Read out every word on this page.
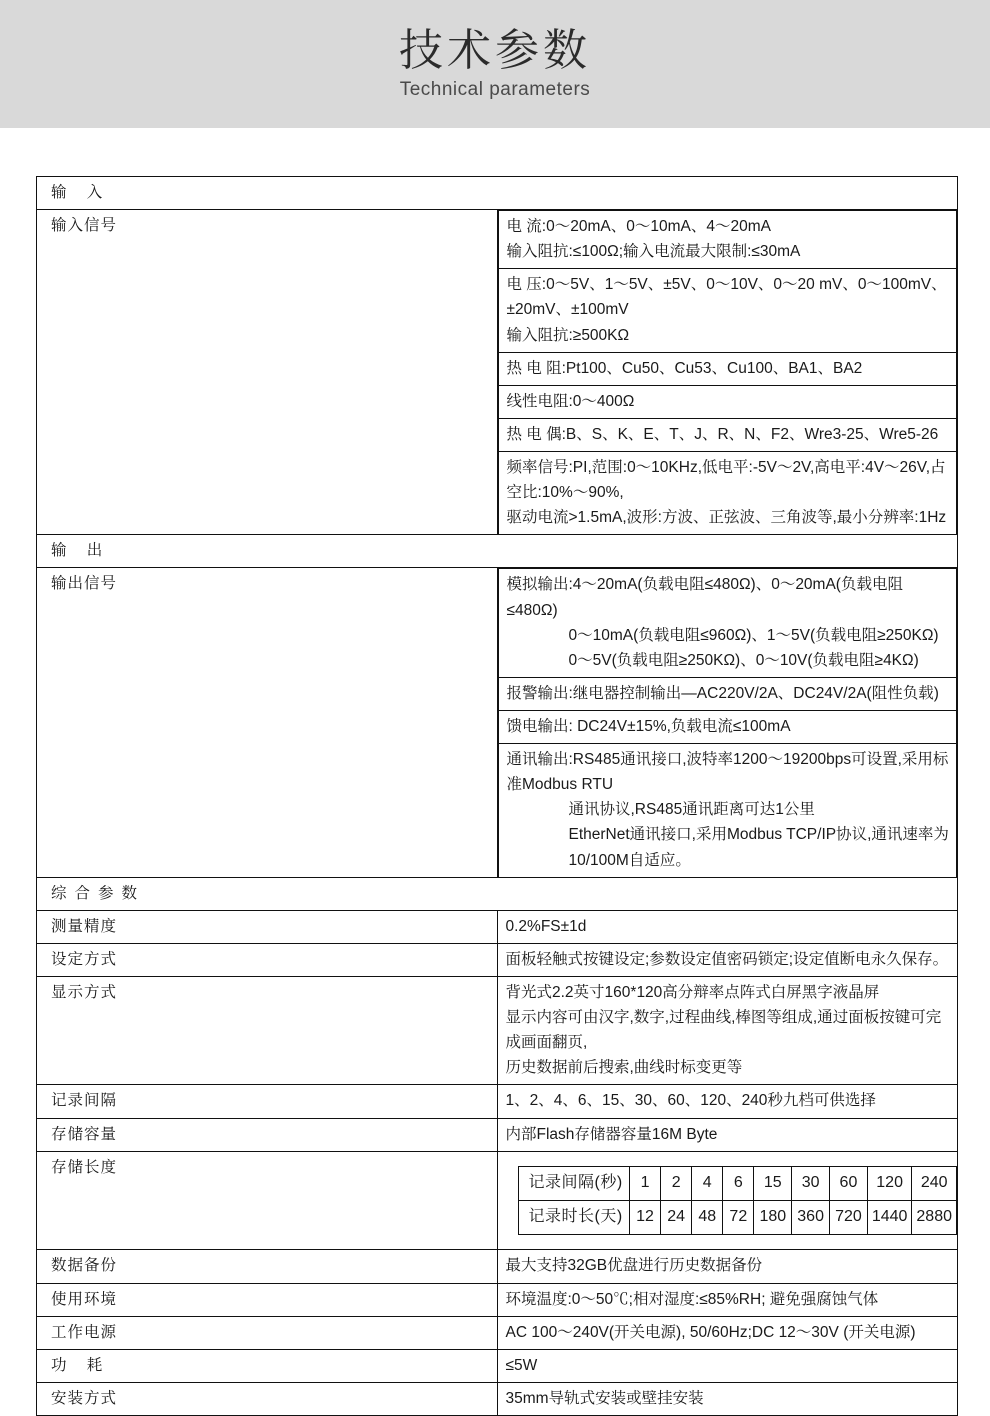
技术参数
Technical parameters
输 入
输入信号		电 流:0～20mA、0～10mA、4～20mA
输入阻抗:≤100Ω;输入电流最大限制:≤30mA

电 压:0～5V、1～5V、±5V、0～10V、0～20 mV、0～100mV、±20mV、±100mV
输入阻抗:≥500KΩ

热 电 阻:Pt100、Cu50、Cu53、Cu100、BA1、BA2

线性电阻:0～400Ω

热 电 偶:B、S、K、E、T、J、R、N、F2、Wre3-25、Wre5-26

频率信号:PI,范围:0～10KHz,低电平:-5V～2V,高电平:4V～26V,占空比:10%～90%,
驱动电流>1.5mA,波形:方波、正弦波、三角波等,最小分辨率:1Hz

输 出
输出信号		模拟输出:4～20mA(负载电阻≤480Ω)、0～20mA(负载电阻≤480Ω)
0～10mA(负载电阻≤960Ω)、1～5V(负载电阻≥250KΩ)
0～5V(负载电阻≥250KΩ)、0～10V(负载电阻≥4KΩ)

报警输出:继电器控制输出—AC220V/2A、DC24V/2A(阻性负载)

馈电输出: DC24V±15%,负载电流≤100mA

通讯输出:RS485通讯接口,波特率1200～19200bps可设置,采用标准Modbus RTU
通讯协议,RS485通讯距离可达1公里
EtherNet通讯接口,采用Modbus TCP/IP协议,通讯速率为10/100M自适应。

综合参数
测量精度	0.2%FS±1d
设定方式	面板轻触式按键设定;参数设定值密码锁定;设定值断电永久保存。
显示方式	背光式2.2英寸160*120高分辩率点阵式白屏黑字液晶屏
显示内容可由汉字,数字,过程曲线,棒图等组成,通过面板按键可完成画面翻页,
历史数据前后搜索,曲线时标变更等

记录间隔	1、2、4、6、15、30、60、120、240秒九档可供选择
存储容量	内部Flash存储器容量16M Byte
存储长度	
记录间隔(秒)	1	2	4	6	15	30	60	120	240
记录时长(天)	12	24	48	72	180	360	720	1440	2880

数据备份	最大支持32GB优盘进行历史数据备份
使用环境	环境温度:0～50℃;相对湿度:≤85%RH; 避免强腐蚀气体
工作电源	AC 100～240V(开关电源), 50/60Hz;DC 12～30V (开关电源)
功 耗	≤5W
安装方式	35mm导轨式安装或壁挂安装
